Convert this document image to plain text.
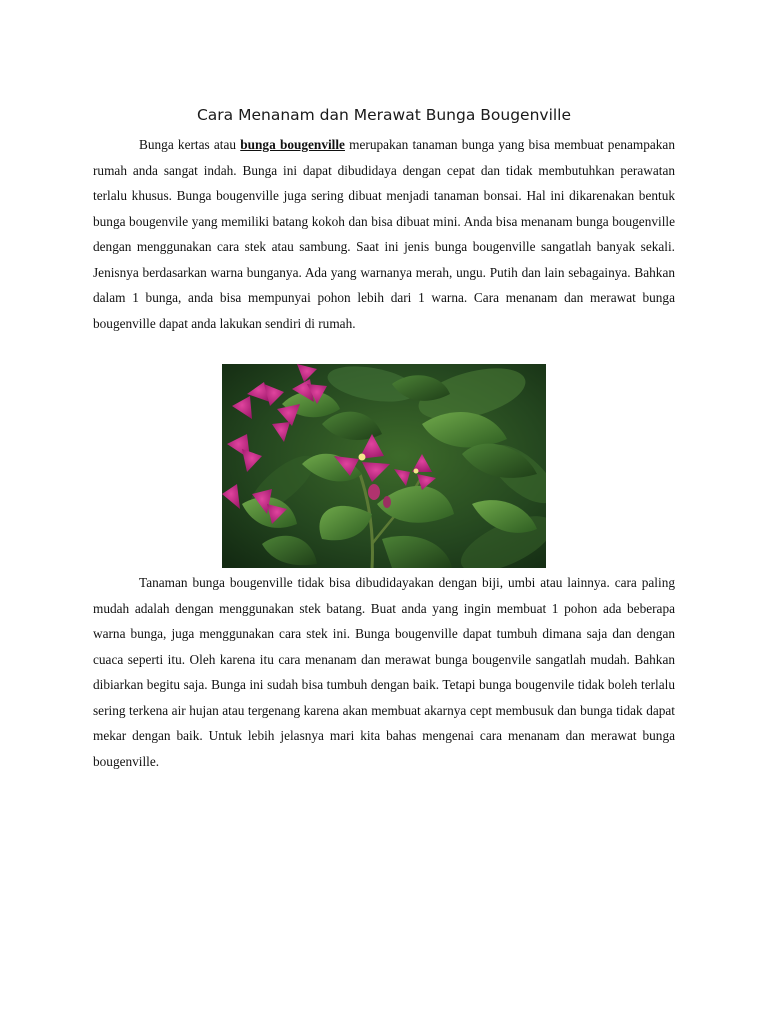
Cara Menanam dan Merawat Bunga Bougenville

Bunga kertas atau bunga bougenville merupakan tanaman bunga yang bisa membuat penampakan rumah anda sangat indah. Bunga ini dapat dibudidaya dengan cepat dan tidak membutuhkan perawatan terlalu khusus. Bunga bougenville juga sering dibuat menjadi tanaman bonsai. Hal ini dikarenakan bentuk bunga bougenvile yang memiliki batang kokoh dan bisa dibuat mini. Anda bisa menanam bunga bougenville dengan menggunakan cara stek atau sambung. Saat ini jenis bunga bougenville sangatlah banyak sekali. Jenisnya berdasarkan warna bunganya. Ada yang warnanya merah, ungu. Putih dan lain sebagainya. Bahkan dalam 1 bunga, anda bisa mempunyai pohon lebih dari 1 warna. Cara menanam dan merawat bunga bougenville dapat anda lakukan sendiri di rumah.

Tanaman bunga bougenville tidak bisa dibudidayakan dengan biji, umbi atau lainnya. cara paling mudah adalah dengan menggunakan stek batang. Buat anda yang ingin membuat 1 pohon ada beberapa warna bunga, juga menggunakan cara stek ini. Bunga bougenville dapat tumbuh dimana saja dan dengan cuaca seperti itu. Oleh karena itu cara menanam dan merawat bunga bougenvile sangatlah mudah. Bahkan dibiarkan begitu saja. Bunga ini sudah bisa tumbuh dengan baik. Tetapi bunga bougenvile tidak boleh terlalu sering terkena air hujan atau tergenang karena akan membuat akarnya cept membusuk dan bunga tidak dapat mekar dengan baik. Untuk lebih jelasnya mari kita bahas mengenai cara menanam dan merawat bunga bougenville.
